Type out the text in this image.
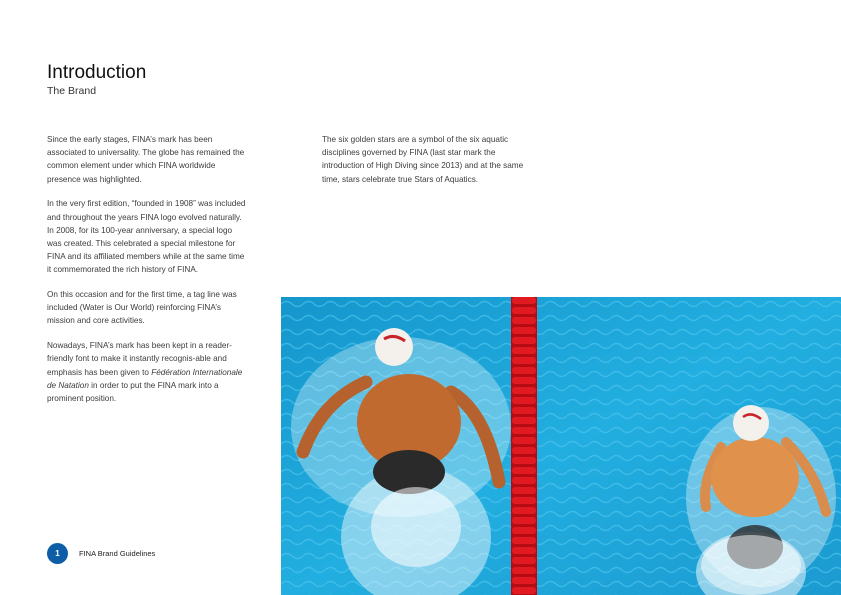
Introduction
The Brand

Since the early stages, FINA’s mark has been associated to universality. The globe has remained the common element under which FINA worldwide presence was highlighted.

In the very first edition, “founded in 1908” was included and throughout the years FINA logo evolved naturally. In 2008, for its 100-year anniversary, a special logo was created. This celebrated a special milestone for FINA and its affiliated members while at the same time it commemorated the rich history of FINA.

On this occasion and for the first time, a tag line was included (Water is Our World) reinforcing FINA’s mission and core activities.

Nowadays, FINA’s mark has been kept in a reader-friendly font to make it instantly recognis-able and emphasis has been given to Fédération Internationale de Natation in order to put the FINA mark into a prominent position.

The six golden stars are a symbol of the six aquatic disciplines governed by FINA (last star mark the introduction of High Diving since 2013) and at the same time, stars celebrate true Stars of Aquatics.

1	FINA Brand Guidelines
